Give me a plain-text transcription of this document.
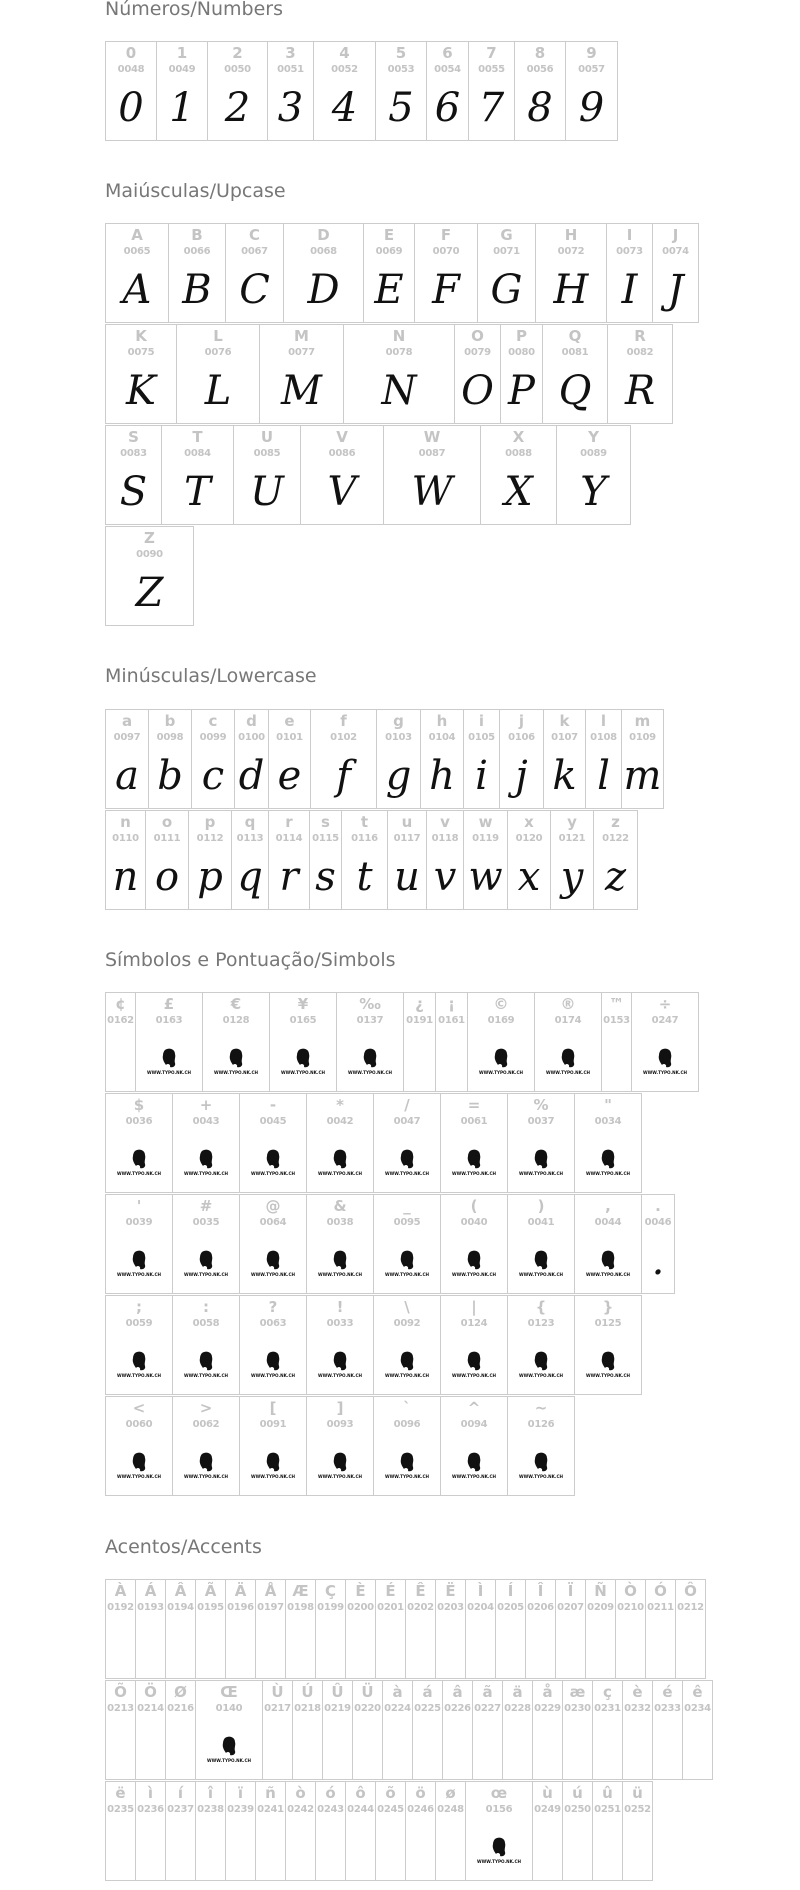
Números/Numbers
0
0048
0
1
0049
1
2
0050
2
3
0051
3
4
0052
4
5
0053
5
6
0054
6
7
0055
7
8
0056
8
9
0057
9
Maiúsculas/Upcase
A
0065
A
B
0066
B
C
0067
C
D
0068
D
E
0069
E
F
0070
F
G
0071
G
H
0072
H
I
0073
I
J
0074
J
K
0075
K
L
0076
L
M
0077
M
N
0078
N
O
0079
O
P
0080
P
Q
0081
Q
R
0082
R
S
0083
S
T
0084
T
U
0085
U
V
0086
V
W
0087
W
X
0088
X
Y
0089
Y
Z
0090
Z
Minúsculas/Lowercase
a
0097
a
b
0098
b
c
0099
c
d
0100
d
e
0101
e
f
0102
f
g
0103
g
h
0104
h
i
0105
i
j
0106
j
k
0107
k
l
0108
l
m
0109
m
n
0110
n
o
0111
o
p
0112
p
q
0113
q
r
0114
r
s
0115
s
t
0116
t
u
0117
u
v
0118
v
w
0119
w
x
0120
x
y
0121
y
z
0122
z
Símbolos e Pontuação/Simbols
¢
0162
£
0163
WWW.TYPO.NK.CH
€
0128
WWW.TYPO.NK.CH
¥
0165
WWW.TYPO.NK.CH
‰
0137
WWW.TYPO.NK.CH
¿
0191
¡
0161
©
0169
WWW.TYPO.NK.CH
®
0174
WWW.TYPO.NK.CH
™
0153
÷
0247
WWW.TYPO.NK.CH
$
0036
WWW.TYPO.NK.CH
+
0043
WWW.TYPO.NK.CH
-
0045
WWW.TYPO.NK.CH
*
0042
WWW.TYPO.NK.CH
/
0047
WWW.TYPO.NK.CH
=
0061
WWW.TYPO.NK.CH
%
0037
WWW.TYPO.NK.CH
"
0034
WWW.TYPO.NK.CH
'
0039
WWW.TYPO.NK.CH
#
0035
WWW.TYPO.NK.CH
@
0064
WWW.TYPO.NK.CH
&
0038
WWW.TYPO.NK.CH
_
0095
WWW.TYPO.NK.CH
(
0040
WWW.TYPO.NK.CH
)
0041
WWW.TYPO.NK.CH
,
0044
WWW.TYPO.NK.CH
.
0046
.
;
0059
WWW.TYPO.NK.CH
:
0058
WWW.TYPO.NK.CH
?
0063
WWW.TYPO.NK.CH
!
0033
WWW.TYPO.NK.CH
\
0092
WWW.TYPO.NK.CH
|
0124
WWW.TYPO.NK.CH
{
0123
WWW.TYPO.NK.CH
}
0125
WWW.TYPO.NK.CH
<
0060
WWW.TYPO.NK.CH
>
0062
WWW.TYPO.NK.CH
[
0091
WWW.TYPO.NK.CH
]
0093
WWW.TYPO.NK.CH
`
0096
WWW.TYPO.NK.CH
^
0094
WWW.TYPO.NK.CH
~
0126
WWW.TYPO.NK.CH
Acentos/Accents
À
0192
Á
0193
Â
0194
Ã
0195
Ä
0196
Å
0197
Æ
0198
Ç
0199
È
0200
É
0201
Ê
0202
Ë
0203
Ì
0204
Í
0205
Î
0206
Ï
0207
Ñ
0209
Ò
0210
Ó
0211
Ô
0212
Õ
0213
Ö
0214
Ø
0216
Œ
0140
WWW.TYPO.NK.CH
Ù
0217
Ú
0218
Û
0219
Ü
0220
à
0224
á
0225
â
0226
ã
0227
ä
0228
å
0229
æ
0230
ç
0231
è
0232
é
0233
ê
0234
ë
0235
ì
0236
í
0237
î
0238
ï
0239
ñ
0241
ò
0242
ó
0243
ô
0244
õ
0245
ö
0246
ø
0248
œ
0156
WWW.TYPO.NK.CH
ù
0249
ú
0250
û
0251
ü
0252
